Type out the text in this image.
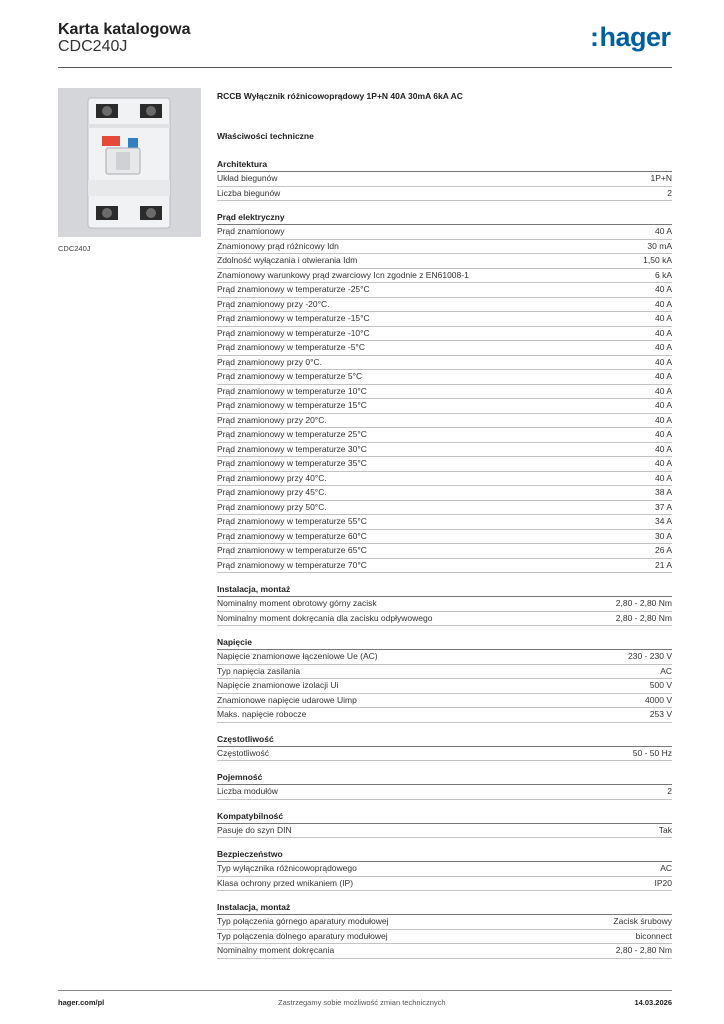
Karta katalogowa
CDC240J	:hager
CDC240J
RCCB Wyłącznik różnicowoprądowy 1P+N 40A 30mA 6kA AC
Właściwości techniczne
Architektura
Układ biegunów	1P+N
Liczba biegunów	2
Prąd elektryczny
Prąd znamionowy	40 A
Znamionowy prąd różnicowy Idn	30 mA
Zdolność wyłączania i otwierania Idm	1,50 kA
Znamionowy warunkowy prąd zwarciowy Icn zgodnie z EN61008-1	6 kA
Prąd znamionowy w temperaturze -25°C	40 A
Prąd znamionowy przy -20°C.	40 A
Prąd znamionowy w temperaturze -15°C	40 A
Prąd znamionowy w temperaturze -10°C	40 A
Prąd znamionowy w temperaturze -5°C	40 A
Prąd znamionowy przy 0°C.	40 A
Prąd znamionowy w temperaturze 5°C	40 A
Prąd znamionowy w temperaturze 10°C	40 A
Prąd znamionowy w temperaturze 15°C	40 A
Prąd znamionowy przy 20°C.	40 A
Prąd znamionowy w temperaturze 25°C	40 A
Prąd znamionowy w temperaturze 30°C	40 A
Prąd znamionowy w temperaturze 35°C	40 A
Prąd znamionowy przy 40°C.	40 A
Prąd znamionowy przy 45°C.	38 A
Prąd znamionowy przy 50°C.	37 A
Prąd znamionowy w temperaturze 55°C	34 A
Prąd znamionowy w temperaturze 60°C	30 A
Prąd znamionowy w temperaturze 65°C	26 A
Prąd znamionowy w temperaturze 70°C	21 A
Instalacja, montaż
Nominalny moment obrotowy górny zacisk	2,80 - 2,80 Nm
Nominalny moment dokręcania dla zacisku odpływowego	2,80 - 2,80 Nm
Napięcie
Napięcie znamionowe łączeniowe Ue (AC)	230 - 230 V
Typ napięcia zasilania	AC
Napięcie znamionowe izolacji Ui	500 V
Znamionowe napięcie udarowe Uimp	4000 V
Maks. napięcie robocze	253 V
Częstotliwość
Częstotliwość	50 - 50 Hz
Pojemność
Liczba modułów	2
Kompatybilność
Pasuje do szyn DIN	Tak
Bezpieczeństwo
Typ wyłącznika różnicowoprądowego	AC
Klasa ochrony przed wnikaniem (IP)	IP20
Instalacja, montaż
Typ połączenia górnego aparatury modułowej	Zacisk śrubowy
Typ połączenia dolnego aparatury modułowej	biconnect
Nominalny moment dokręcania	2,80 - 2,80 Nm
hager.com/pl	Zastrzegamy sobie możliwość zmian technicznych	14.03.2026
